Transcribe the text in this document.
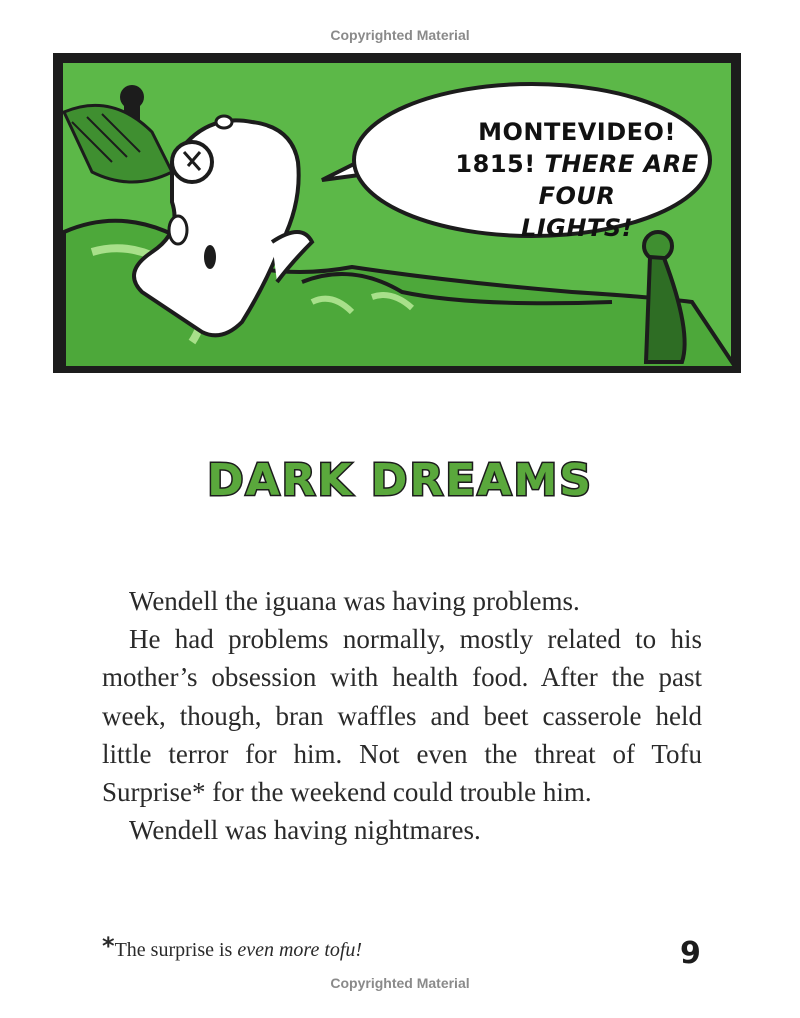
Copyrighted Material
MONTEVIDEO!
1815! THERE ARE FOUR
LIGHTS!
DARK DREAMS

Wendell the iguana was having problems.

He had problems normally, mostly related to his mother’s obsession with health food. After the past week, though, bran waffles and beet casserole held little terror for him. Not even the threat of Tofu Surprise* for the weekend could trouble him.

Wendell was having nightmares.

*The surprise is even more tofu!	9
Copyrighted Material
